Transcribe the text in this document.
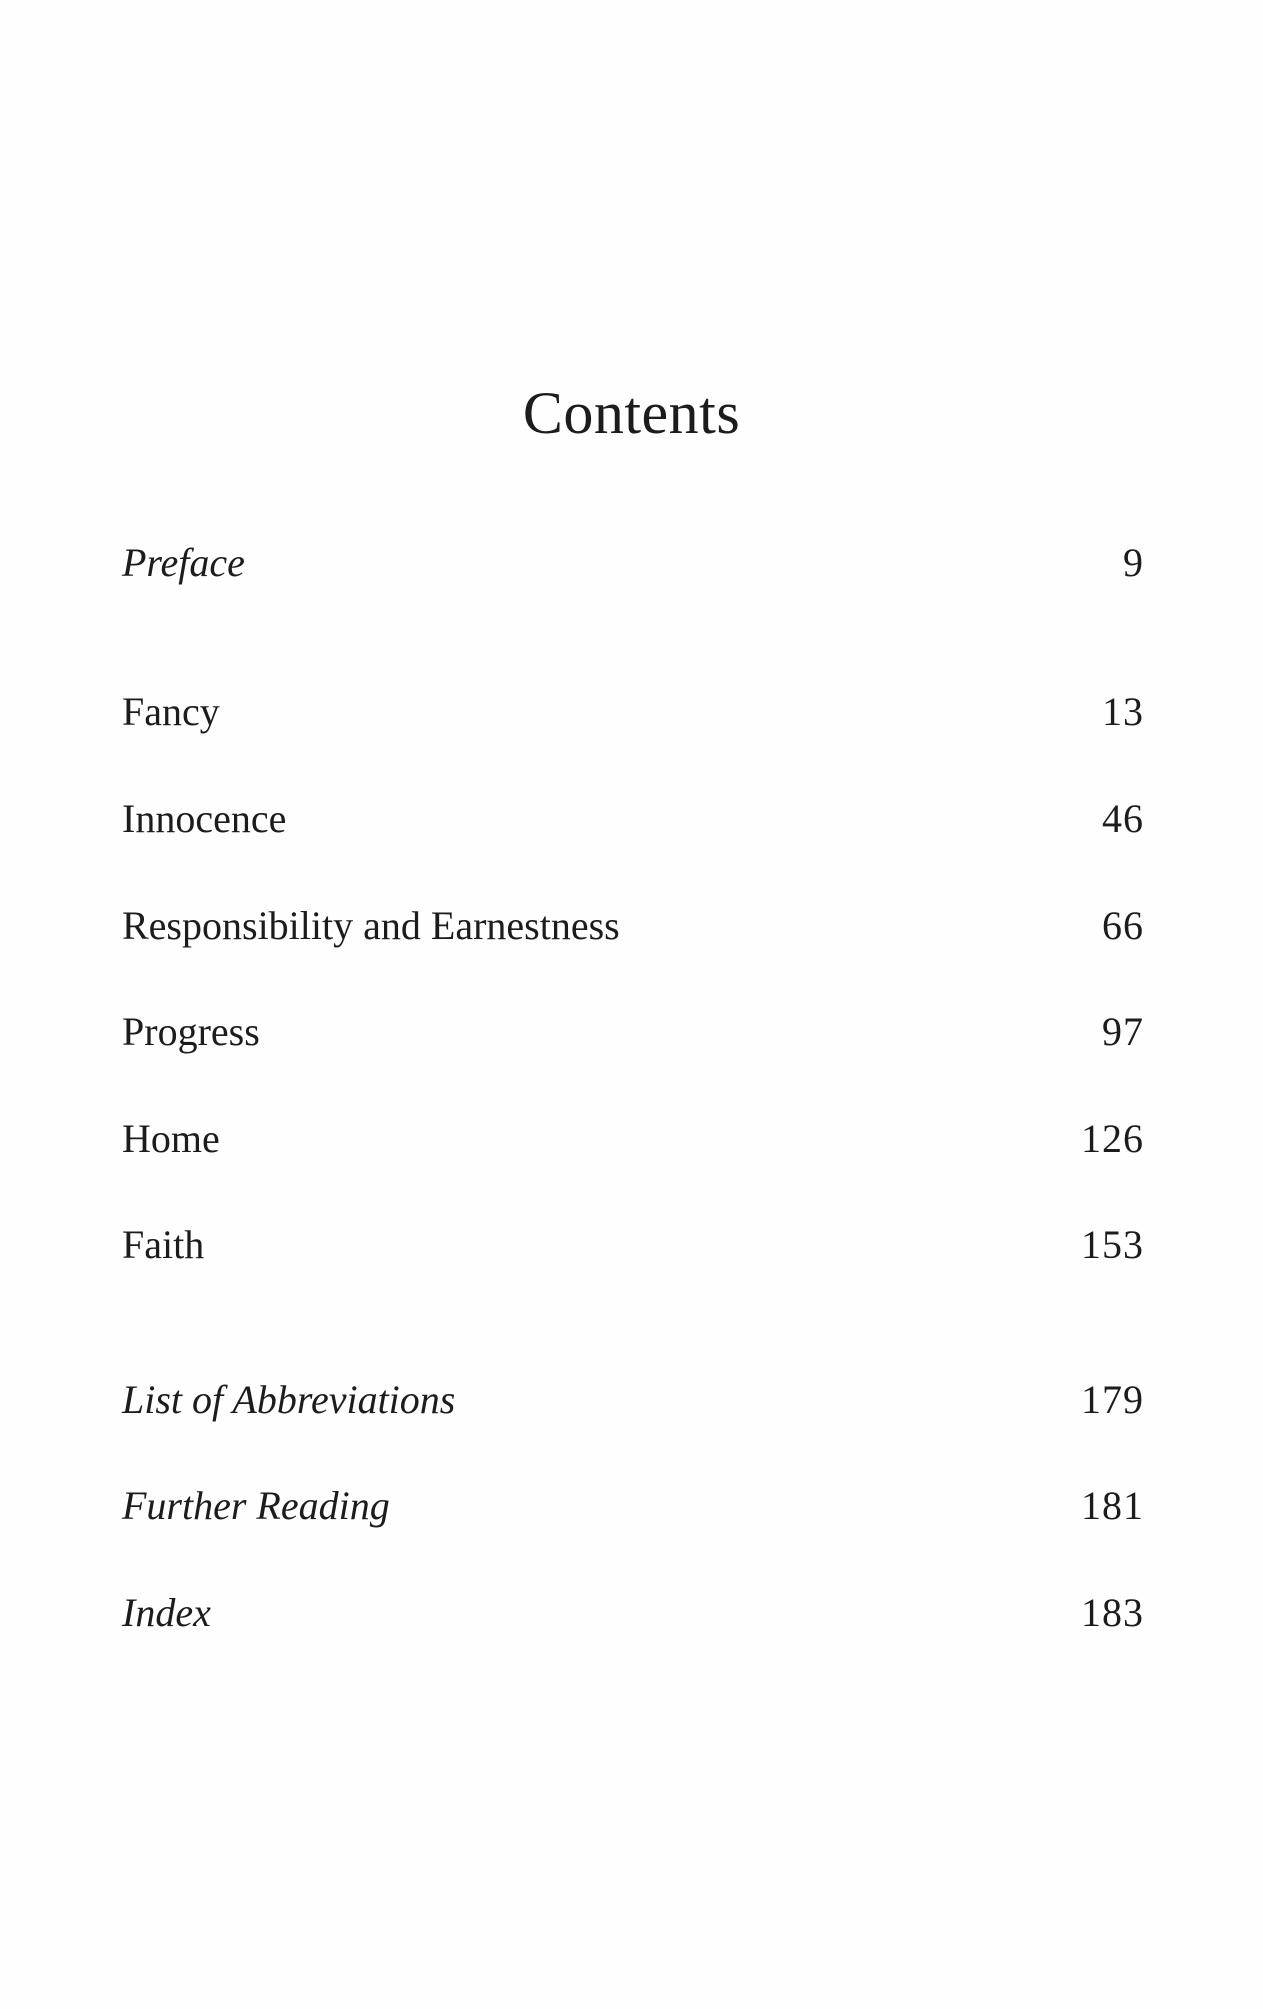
Contents
Preface	9
Fancy	13
Innocence	46
Responsibility and Earnestness	66
Progress	97
Home	126
Faith	153
List of Abbreviations	179
Further Reading	181
Index	183
